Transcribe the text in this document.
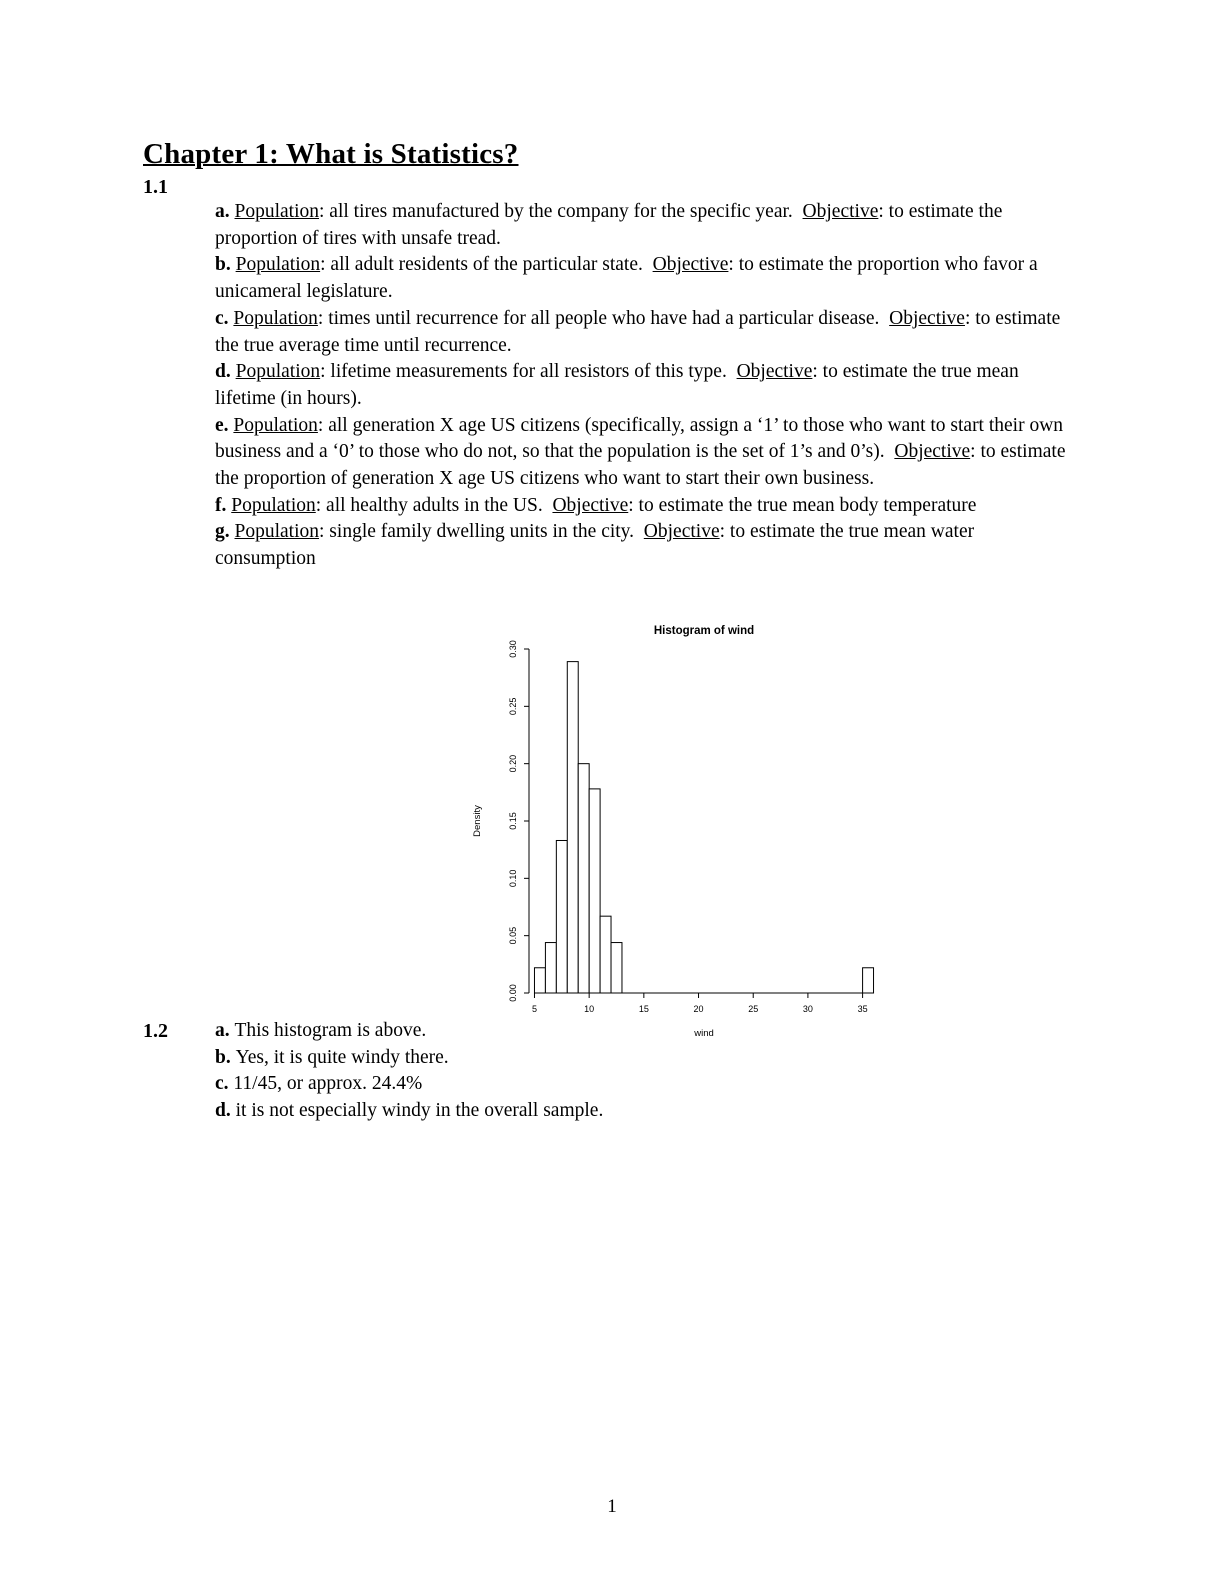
Chapter 1: What is Statistics?
1.1

a. Population: all tires manufactured by the company for the specific year.  Objective: to estimate the proportion of tires with unsafe tread.

b. Population: all adult residents of the particular state.  Objective: to estimate the proportion who favor a unicameral legislature.

c. Population: times until recurrence for all people who have had a particular disease.  Objective: to estimate the true average time until recurrence.

d. Population: lifetime measurements for all resistors of this type.  Objective: to estimate the true mean lifetime (in hours).

e. Population: all generation X age US citizens (specifically, assign a ‘1’ to those who want to start their own business and a ‘0’ to those who do not, so that the population is the set of 1’s and 0’s).  Objective: to estimate the proportion of generation X age US citizens who want to start their own business.

f. Population: all healthy adults in the US.  Objective: to estimate the true mean body temperature

g. Population: single family dwelling units in the city.  Objective: to estimate the true mean water consumption

5	10	15	20	25	30	35
0.00
0.05
0.10
0.15
0.20
0.25
0.30
Histogram of wind
wind
Density
1.2 a. This histogram is above.

b. Yes, it is quite windy there.

c. 11/45, or approx. 24.4%

d. it is not especially windy in the overall sample.

1
